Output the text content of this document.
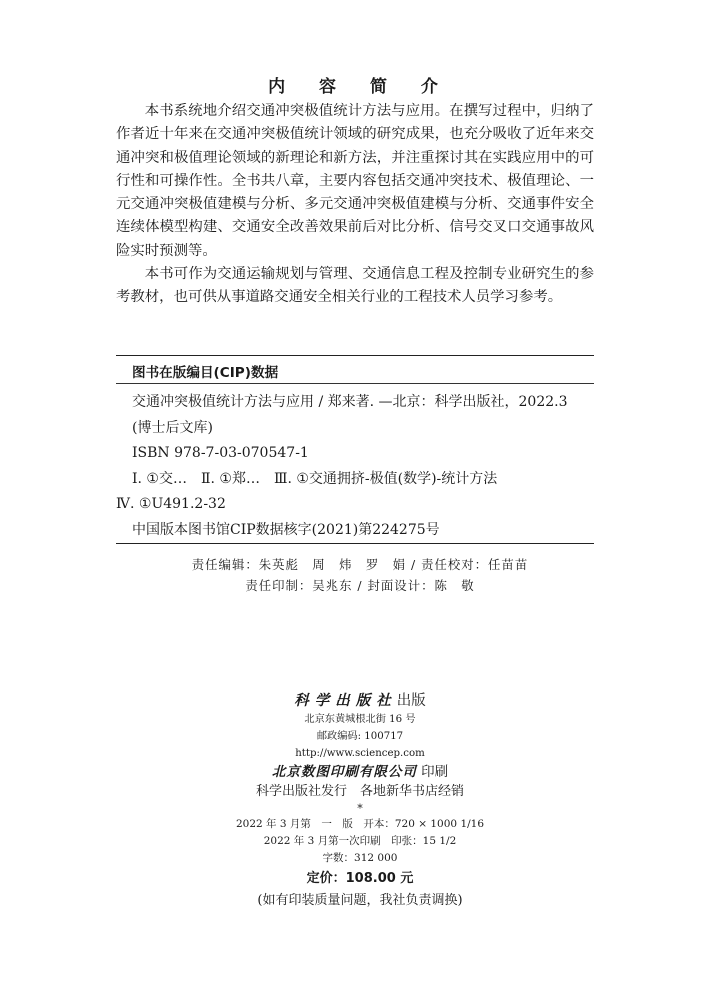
内 容 简 介

本书系统地介绍交通冲突极值统计方法与应用。在撰写过程中，归纳了作者近十年来在交通冲突极值统计领域的研究成果，也充分吸收了近年来交通冲突和极值理论领域的新理论和新方法，并注重探讨其在实践应用中的可行性和可操作性。全书共八章，主要内容包括交通冲突技术、极值理论、一元交通冲突极值建模与分析、多元交通冲突极值建模与分析、交通事件安全连续体模型构建、交通安全改善效果前后对比分析、信号交叉口交通事故风险实时预测等。

本书可作为交通运输规划与管理、交通信息工程及控制专业研究生的参考教材，也可供从事道路交通安全相关行业的工程技术人员学习参考。

图书在版编目(CIP)数据
交通冲突极值统计方法与应用 / 郑来著. —北京：科学出版社，2022.3
(博士后文库)
ISBN 978-7-03-070547-1
Ⅰ. ①交…　Ⅱ. ①郑…　Ⅲ. ①交通拥挤-极值(数学)-统计方法
Ⅳ. ①U491.2-32
中国版本图书馆CIP数据核字(2021)第224275号
责任编辑：朱英彪　周　炜　罗　娟 / 责任校对：任苗苗
责任印制：吴兆东 / 封面设计：陈　敬
科学出版社出版
北京东黄城根北街 16 号
邮政编码: 100717
http://www.sciencep.com
北京数图印刷有限公司 印刷
科学出版社发行　各地新华书店经销
*
2022 年 3 月第　一　版　开本：720 × 1000 1/16
2022 年 3 月第一次印刷　印张：15 1/2
字数：312 000
定价：108.00 元
(如有印装质量问题，我社负责调换)
